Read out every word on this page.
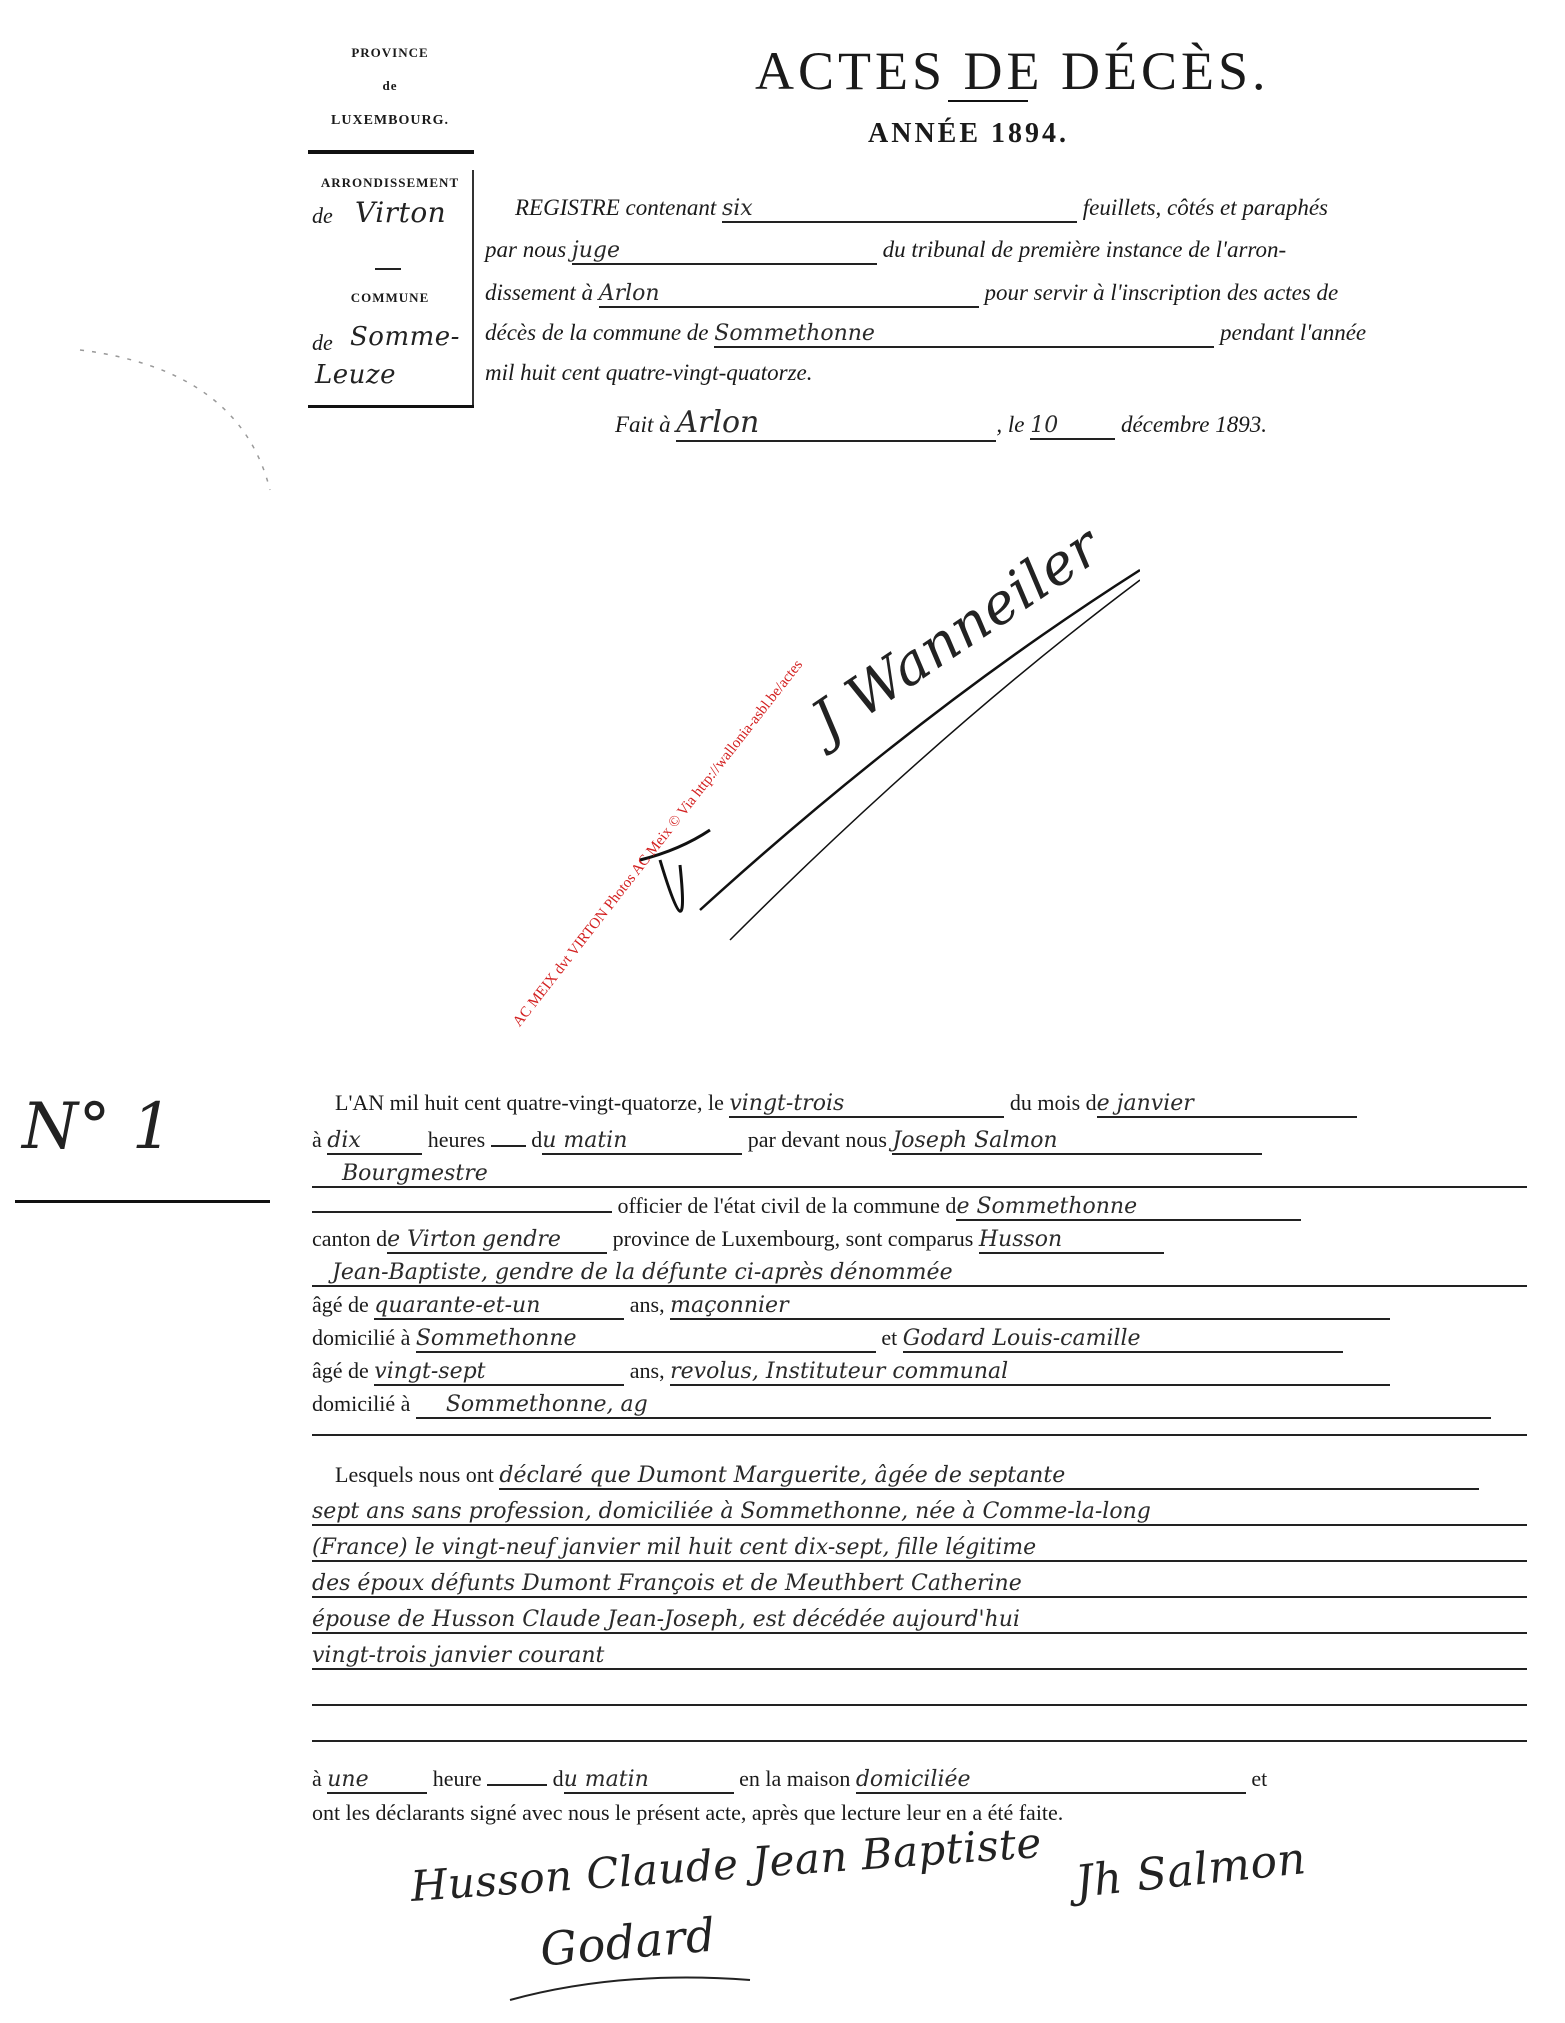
PROVINCE
de
LUXEMBOURG.
ARRONDISSEMENT
de Virton
COMMUNE
de Somme-
Leuze
ACTES DE DÉCÈS.
ANNÉE 1894.
REGISTRE contenant six	feuillets, côtés et paraphés
par nous juge	du tribunal de première instance de l'arron-
dissement à Arlon	pour servir à l'inscription des actes de
décès de la commune de Sommethonne	pendant l'année
mil huit cent quatre-vingt-quatorze.
Fait à Arlon	, le 10	décembre 1893.
J Wanneiler
AC MEIX dvt VIRTON Photos AC Meix © Via http://wallonia-asbl.be/actes
N° 1	L'AN mil huit cent quatre-vingt-quatorze, le vingt-trois	du mois de janvier
à dix	heures du matin	par devant nous Joseph Salmon
Bourgmestre
officier de l'état civil de la commune de Sommethonne
canton de Virton gendre province de Luxembourg, sont comparus Husson
Jean-Baptiste, gendre de la défunte ci-après dénommée
âgé de quarante-et-un	ans, maçonnier
domicilié à Sommethonne	et Godard Louis-camille
âgé de vingt-sept	ans, revolus, Instituteur communal
domicilié à Sommethonne, ag
Lesquels nous ont déclaré que Dumont Marguerite, âgée de septante
sept ans sans profession, domiciliée à Sommethonne, née à Comme-la-long
(France) le vingt-neuf janvier mil huit cent dix-sept, fille légitime
des époux défunts Dumont François et de Meuthbert Catherine
épouse de Husson Claude Jean-Joseph, est décédée aujourd'hui
vingt-trois janvier courant
à une	heure	du matin	en la maison domiciliée	et
ont les déclarants signé avec nous le présent acte, après que lecture leur en a été faite.
Husson Claude Jean Baptiste Jh Salmon
Godard
